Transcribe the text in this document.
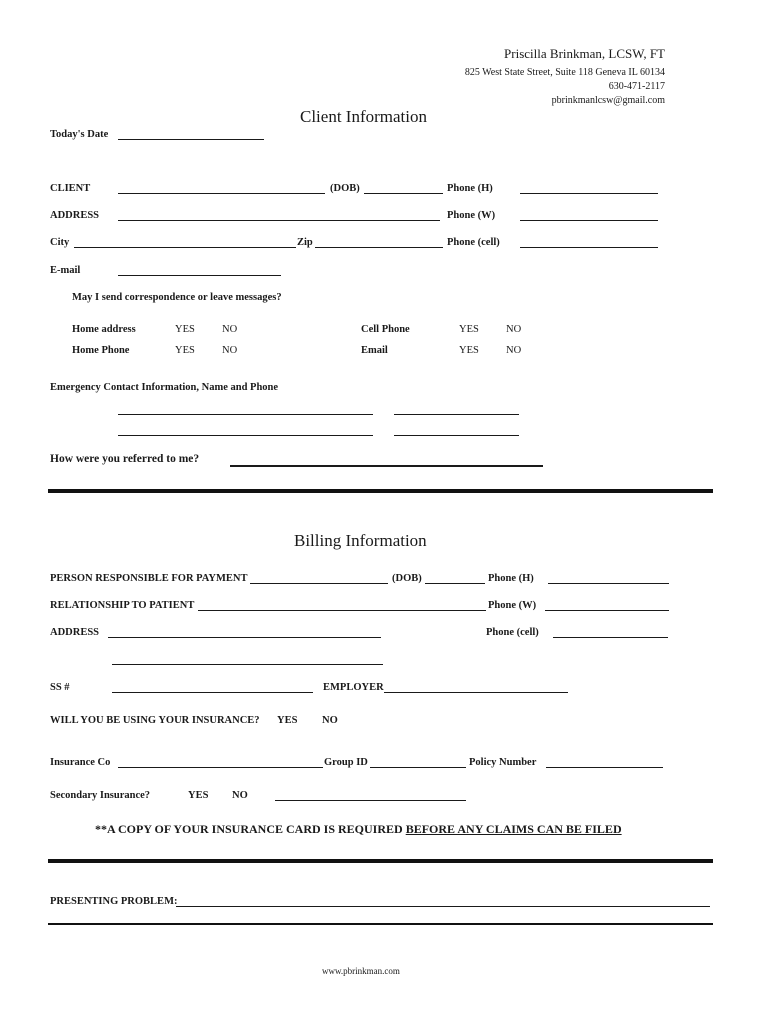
Priscilla Brinkman, LCSW, FT
825 West State Street, Suite 118 Geneva IL 60134
630-471-2117
pbrinkmanlcsw@gmail.com
Client Information
Today's Date
CLIENT	(DOB)	Phone (H)
ADDRESS	Phone (W)
City	Zip	Phone (cell)
E-mail
May I send correspondence or leave messages?
Home address	YES	NO	Cell Phone	YES	NO
Home Phone	YES	NO	Email	YES	NO
Emergency Contact Information, Name and Phone
How were you referred to me?
Billing Information
PERSON RESPONSIBLE FOR PAYMENT	(DOB)	Phone (H)
RELATIONSHIP TO PATIENT	Phone (W)
ADDRESS	Phone (cell)
SS #	EMPLOYER
WILL YOU BE USING YOUR INSURANCE? YES NO
Insurance Co	Group ID	Policy Number
Secondary Insurance?	YES NO
**A COPY OF YOUR INSURANCE CARD IS REQUIRED BEFORE ANY CLAIMS CAN BE FILED
PRESENTING PROBLEM:
www.pbrinkman.com
